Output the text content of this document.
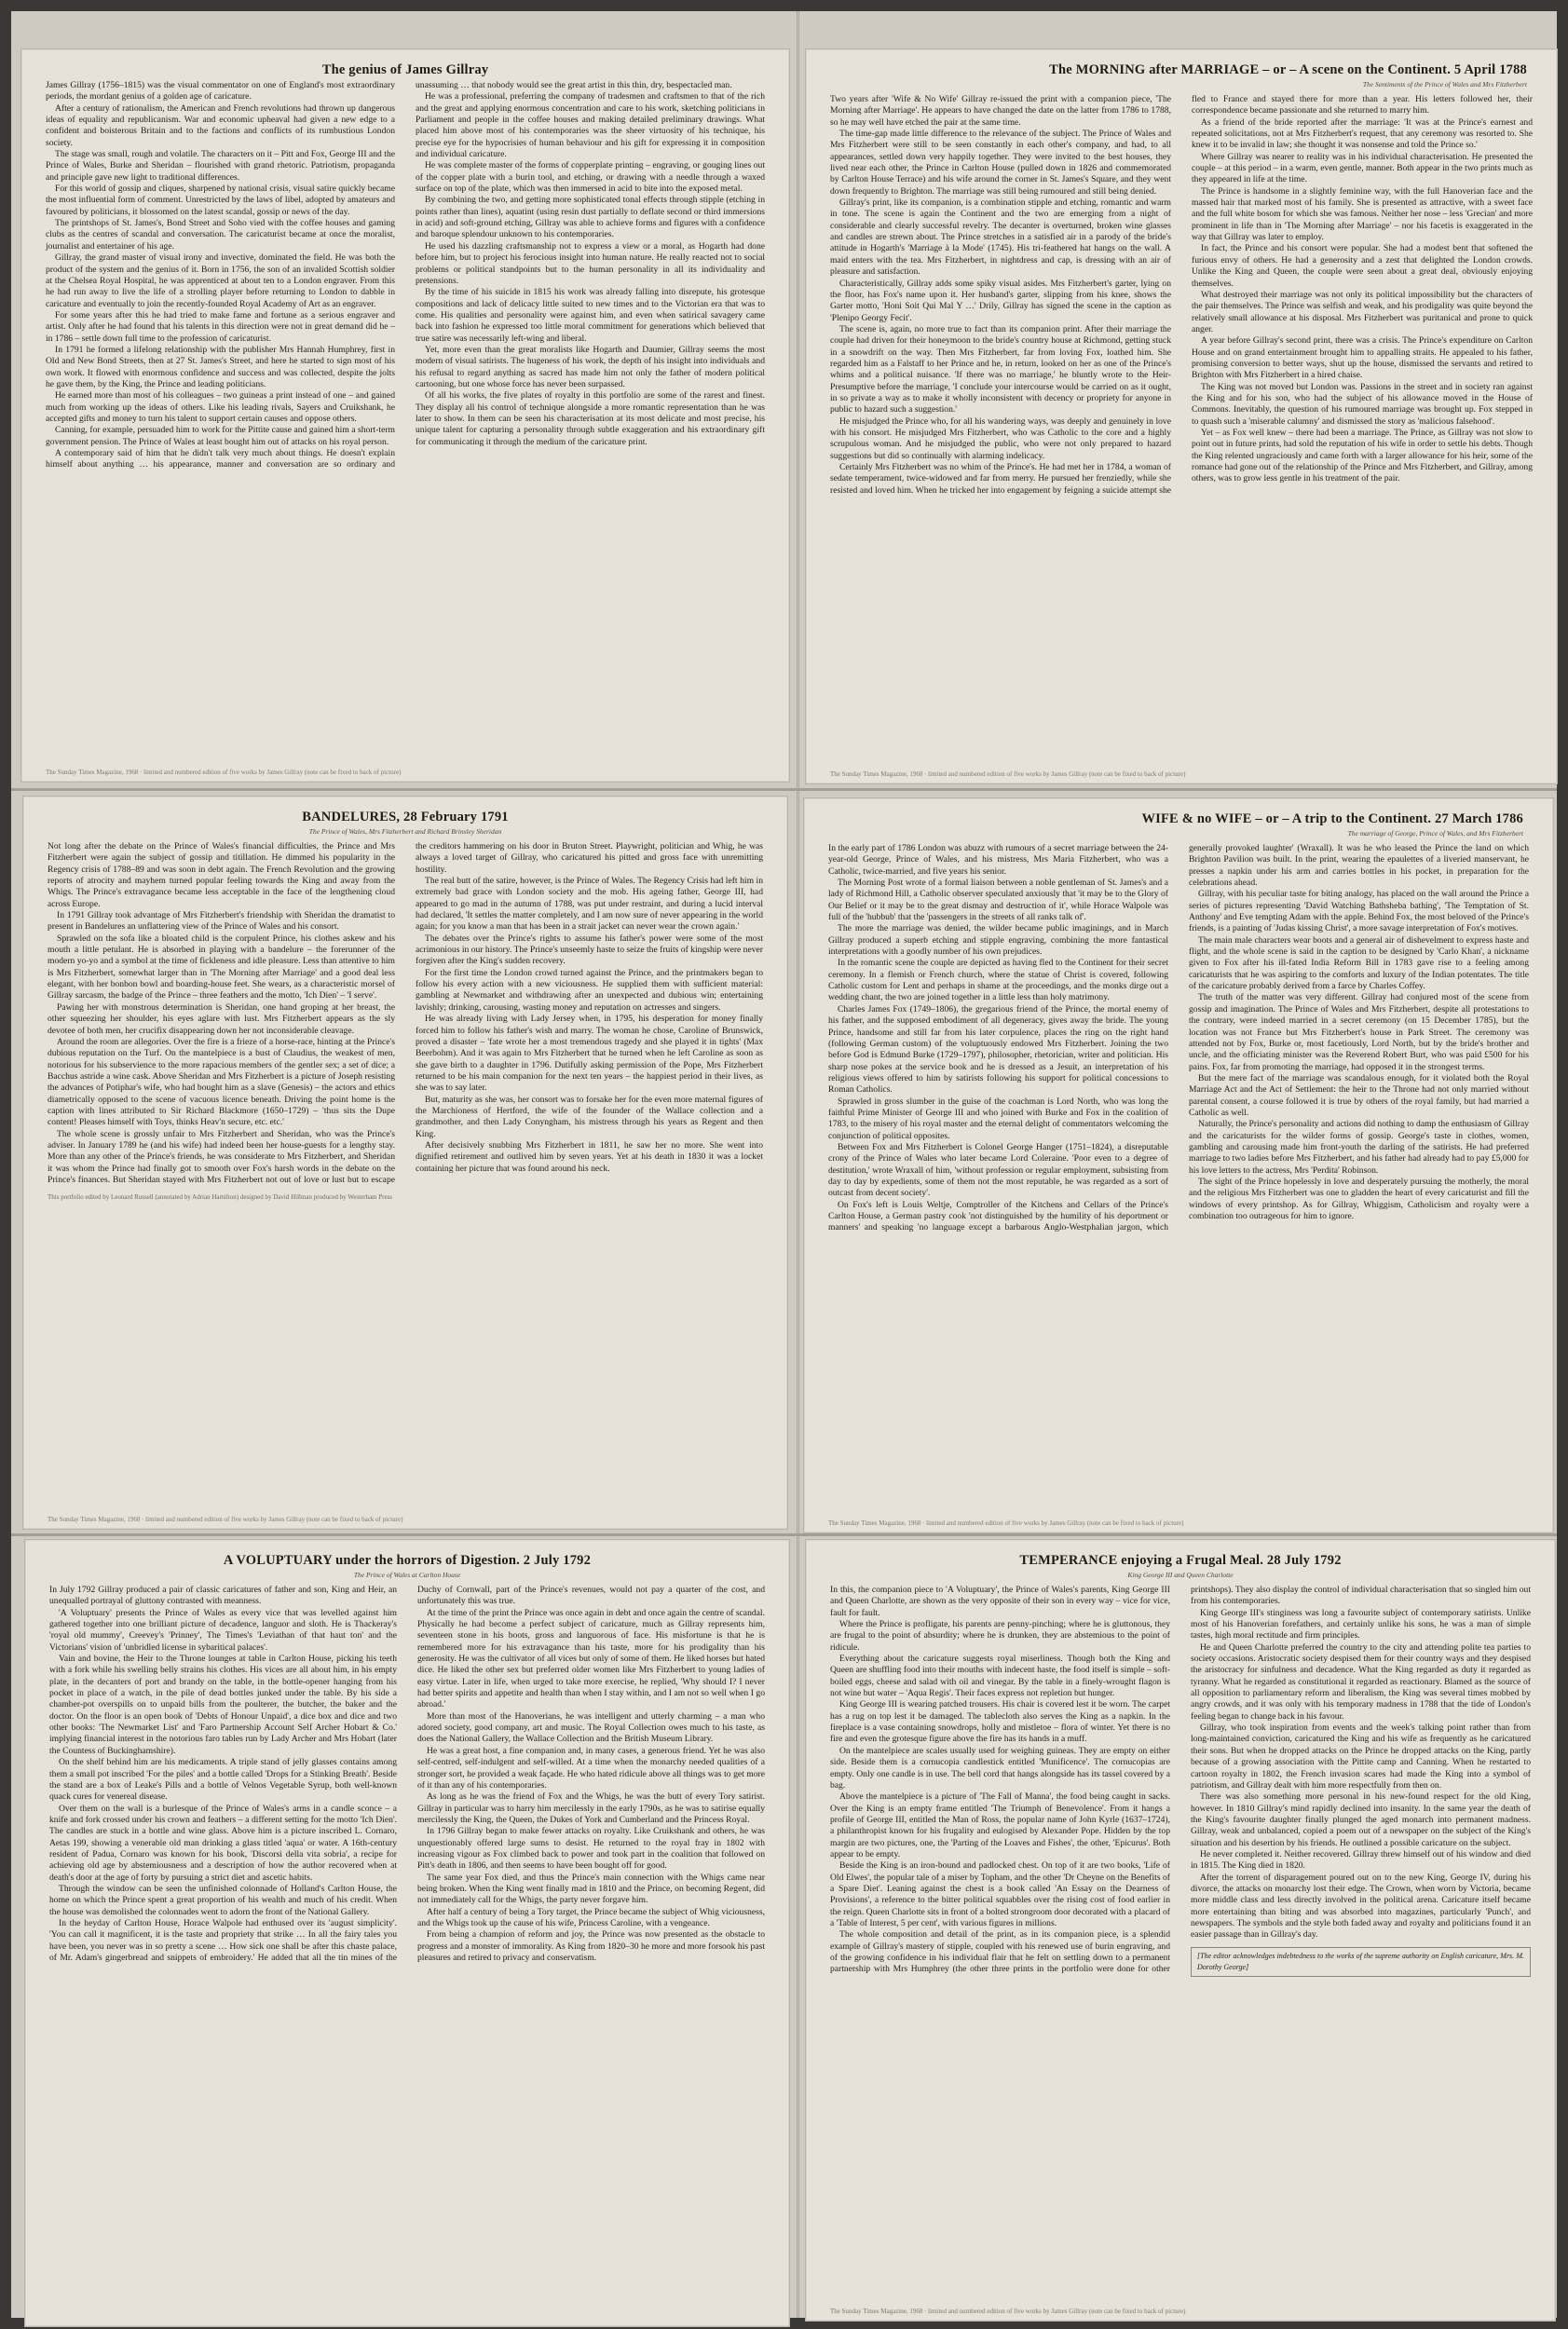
The genius of James Gillray

James Gillray (1756–1815) was the visual commentator on one of England's most extraordinary periods, the mordant genius of a golden age of caricature.

After a century of rationalism, the American and French revolutions had thrown up dangerous ideas of equality and republicanism. War and economic upheaval had given a new edge to a confident and boisterous Britain and to the factions and conflicts of its rumbustious London society.

The stage was small, rough and volatile. The characters on it – Pitt and Fox, George III and the Prince of Wales, Burke and Sheridan – flourished with grand rhetoric. Patriotism, propaganda and principle gave new light to traditional differences.

For this world of gossip and cliques, sharpened by national crisis, visual satire quickly became the most influential form of comment. Unrestricted by the laws of libel, adopted by amateurs and favoured by politicians, it blossomed on the latest scandal, gossip or news of the day.

The printshops of St. James's, Bond Street and Soho vied with the coffee houses and gaming clubs as the centres of scandal and conversation. The caricaturist became at once the moralist, journalist and entertainer of his age.

Gillray, the grand master of visual irony and invective, dominated the field. He was both the product of the system and the genius of it. Born in 1756, the son of an invalided Scottish soldier at the Chelsea Royal Hospital, he was apprenticed at about ten to a London engraver. From this he had run away to live the life of a strolling player before returning to London to dabble in caricature and eventually to join the recently-founded Royal Academy of Art as an engraver.

For some years after this he had tried to make fame and fortune as a serious engraver and artist. Only after he had found that his talents in this direction were not in great demand did he – in 1786 – settle down full time to the profession of caricaturist.

In 1791 he formed a lifelong relationship with the publisher Mrs Hannah Humphrey, first in Old and New Bond Streets, then at 27 St. James's Street, and here he started to sign most of his own work. It flowed with enormous confidence and success and was collected, despite the jolts he gave them, by the King, the Prince and leading politicians.

He earned more than most of his colleagues – two guineas a print instead of one – and gained much from working up the ideas of others. Like his leading rivals, Sayers and Cruikshank, he accepted gifts and money to turn his talent to support certain causes and oppose others.

Canning, for example, persuaded him to work for the Pittite cause and gained him a short-term government pension. The Prince of Wales at least bought him out of attacks on his royal person.

A contemporary said of him that he didn't talk very much about things. He doesn't explain himself about anything … his appearance, manner and conversation are so ordinary and unassuming … that nobody would see the great artist in this thin, dry, bespectacled man.

He was a professional, preferring the company of tradesmen and craftsmen to that of the rich and the great and applying enormous concentration and care to his work, sketching politicians in Parliament and people in the coffee houses and making detailed preliminary drawings. What placed him above most of his contemporaries was the sheer virtuosity of his technique, his precise eye for the hypocrisies of human behaviour and his gift for expressing it in composition and individual caricature.

He was complete master of the forms of copperplate printing – engraving, or gouging lines out of the copper plate with a burin tool, and etching, or drawing with a needle through a waxed surface on top of the plate, which was then immersed in acid to bite into the exposed metal.

By combining the two, and getting more sophisticated tonal effects through stipple (etching in points rather than lines), aquatint (using resin dust partially to deflate second or third immersions in acid) and soft-ground etching, Gillray was able to achieve forms and figures with a confidence and baroque splendour unknown to his contemporaries.

He used his dazzling craftsmanship not to express a view or a moral, as Hogarth had done before him, but to project his ferocious insight into human nature. He really reacted not to social problems or political standpoints but to the human personality in all its individuality and pretensions.

By the time of his suicide in 1815 his work was already falling into disrepute, his grotesque compositions and lack of delicacy little suited to new times and to the Victorian era that was to come. His qualities and personality were against him, and even when satirical savagery came back into fashion he expressed too little moral commitment for generations which believed that true satire was necessarily left-wing and liberal.

Yet, more even than the great moralists like Hogarth and Daumier, Gillray seems the most modern of visual satirists. The hugeness of his work, the depth of his insight into individuals and his refusal to regard anything as sacred has made him not only the father of modern political cartooning, but one whose force has never been surpassed.

Of all his works, the five plates of royalty in this portfolio are some of the rarest and finest. They display all his control of technique alongside a more romantic representation than he was later to show. In them can be seen his characterisation at its most delicate and most precise, his unique talent for capturing a personality through subtle exaggeration and his extraordinary gift for communicating it through the medium of the caricature print.

The Sunday Times Magazine, 1968 · limited and numbered edition of five works by James Gillray (note can be fixed to back of picture)
The MORNING after MARRIAGE – or – A scene on the Continent. 5 April 1788
The Sentiments of the Prince of Wales and Mrs Fitzherbert

Two years after 'Wife & No Wife' Gillray re-issued the print with a companion piece, 'The Morning after Marriage'. He appears to have changed the date on the latter from 1786 to 1788, so he may well have etched the pair at the same time.

The time-gap made little difference to the relevance of the subject. The Prince of Wales and Mrs Fitzherbert were still to be seen constantly in each other's company, and had, to all appearances, settled down very happily together. They were invited to the best houses, they lived near each other, the Prince in Carlton House (pulled down in 1826 and commemorated by Carlton House Terrace) and his wife around the corner in St. James's Square, and they went down frequently to Brighton. The marriage was still being rumoured and still being denied.

Gillray's print, like its companion, is a combination stipple and etching, romantic and warm in tone. The scene is again the Continent and the two are emerging from a night of considerable and clearly successful revelry. The decanter is overturned, broken wine glasses and candles are strewn about. The Prince stretches in a satisfied air in a parody of the bride's attitude in Hogarth's 'Marriage à la Mode' (1745). His tri-feathered hat hangs on the wall. A maid enters with the tea. Mrs Fitzherbert, in nightdress and cap, is dressing with an air of pleasure and satisfaction.

Characteristically, Gillray adds some spiky visual asides. Mrs Fitzherbert's garter, lying on the floor, has Fox's name upon it. Her husband's garter, slipping from his knee, shows the Garter motto, 'Honi Soit Qui Mal Y …' Drily, Gillray has signed the scene in the caption as 'Plenipo Georgy Fecit'.

The scene is, again, no more true to fact than its companion print. After their marriage the couple had driven for their honeymoon to the bride's country house at Richmond, getting stuck in a snowdrift on the way. Then Mrs Fitzherbert, far from loving Fox, loathed him. She regarded him as a Falstaff to her Prince and he, in return, looked on her as one of the Prince's whims and a political nuisance. 'If there was no marriage,' he bluntly wrote to the Heir-Presumptive before the marriage, 'I conclude your intercourse would be carried on as it ought, in so private a way as to make it wholly inconsistent with decency or propriety for anyone in public to hazard such a suggestion.'

He misjudged the Prince who, for all his wandering ways, was deeply and genuinely in love with his consort. He misjudged Mrs Fitzherbert, who was Catholic to the core and a highly scrupulous woman. And he misjudged the public, who were not only prepared to hazard suggestions but did so continually with alarming indelicacy.

Certainly Mrs Fitzherbert was no whim of the Prince's. He had met her in 1784, a woman of sedate temperament, twice-widowed and far from merry. He pursued her frenziedly, while she resisted and loved him. When he tricked her into engagement by feigning a suicide attempt she fled to France and stayed there for more than a year. His letters followed her, their correspondence became passionate and she returned to marry him.

As a friend of the bride reported after the marriage: 'It was at the Prince's earnest and repeated solicitations, not at Mrs Fitzherbert's request, that any ceremony was resorted to. She knew it to be invalid in law; she thought it was nonsense and told the Prince so.'

Where Gillray was nearer to reality was in his individual characterisation. He presented the couple – at this period – in a warm, even gentle, manner. Both appear in the two prints much as they appeared in life at the time.

The Prince is handsome in a slightly feminine way, with the full Hanoverian face and the massed hair that marked most of his family. She is presented as attractive, with a sweet face and the full white bosom for which she was famous. Neither her nose – less 'Grecian' and more prominent in life than in 'The Morning after Marriage' – nor his facetis is exaggerated in the way that Gillray was later to employ.

In fact, the Prince and his consort were popular. She had a modest bent that softened the furious envy of others. He had a generosity and a zest that delighted the London crowds. Unlike the King and Queen, the couple were seen about a great deal, obviously enjoying themselves.

What destroyed their marriage was not only its political impossibility but the characters of the pair themselves. The Prince was selfish and weak, and his prodigality was quite beyond the relatively small allowance at his disposal. Mrs Fitzherbert was puritanical and prone to quick anger.

A year before Gillray's second print, there was a crisis. The Prince's expenditure on Carlton House and on grand entertainment brought him to appalling straits. He appealed to his father, promising conversion to better ways, shut up the house, dismissed the servants and retired to Brighton with Mrs Fitzherbert in a hired chaise.

The King was not moved but London was. Passions in the street and in society ran against the King and for his son, who had the subject of his allowance moved in the House of Commons. Inevitably, the question of his rumoured marriage was brought up. Fox stepped in to quash such a 'miserable calumny' and dismissed the story as 'malicious falsehood'.

Yet – as Fox well knew – there had been a marriage. The Prince, as Gillray was not slow to point out in future prints, had sold the reputation of his wife in order to settle his debts. Though the King relented ungraciously and came forth with a larger allowance for his heir, some of the romance had gone out of the relationship of the Prince and Mrs Fitzherbert, and Gillray, among others, was to grow less gentle in his treatment of the pair.

The Sunday Times Magazine, 1968 · limited and numbered edition of five works by James Gillray (note can be fixed to back of picture)
BANDELURES, 28 February 1791
The Prince of Wales, Mrs Fitzherbert and Richard Brinsley Sheridan

Not long after the debate on the Prince of Wales's financial difficulties, the Prince and Mrs Fitzherbert were again the subject of gossip and titillation. He dimmed his popularity in the Regency crisis of 1788–89 and was soon in debt again. The French Revolution and the growing reports of atrocity and mayhem turned popular feeling towards the King and away from the Whigs. The Prince's extravagance became less acceptable in the face of the lengthening cloud across Europe.

In 1791 Gillray took advantage of Mrs Fitzherbert's friendship with Sheridan the dramatist to present in Bandelures an unflattering view of the Prince of Wales and his consort.

Sprawled on the sofa like a bloated child is the corpulent Prince, his clothes askew and his mouth a little petulant. He is absorbed in playing with a bandelure – the forerunner of the modern yo-yo and a symbol at the time of fickleness and idle pleasure. Less than attentive to him is Mrs Fitzherbert, somewhat larger than in 'The Morning after Marriage' and a good deal less elegant, with her bonbon bowl and boarding-house feet. She wears, as a characteristic morsel of Gillray sarcasm, the badge of the Prince – three feathers and the motto, 'Ich Dien' – 'I serve'.

Pawing her with monstrous determination is Sheridan, one hand groping at her breast, the other squeezing her shoulder, his eyes aglare with lust. Mrs Fitzherbert appears as the sly devotee of both men, her crucifix disappearing down her not inconsiderable cleavage.

Around the room are allegories. Over the fire is a frieze of a horse-race, hinting at the Prince's dubious reputation on the Turf. On the mantelpiece is a bust of Claudius, the weakest of men, notorious for his subservience to the more rapacious members of the gentler sex; a set of dice; a Bacchus astride a wine cask. Above Sheridan and Mrs Fitzherbert is a picture of Joseph resisting the advances of Potiphar's wife, who had bought him as a slave (Genesis) – the actors and ethics diametrically opposed to the scene of vacuous licence beneath. Driving the point home is the caption with lines attributed to Sir Richard Blackmore (1650–1729) – 'thus sits the Dupe content! Pleases himself with Toys, thinks Heav'n secure, etc. etc.'

The whole scene is grossly unfair to Mrs Fitzherbert and Sheridan, who was the Prince's adviser. In January 1789 he (and his wife) had indeed been her house-guests for a lengthy stay. More than any other of the Prince's friends, he was considerate to Mrs Fitzherbert, and Sheridan it was whom the Prince had finally got to smooth over Fox's harsh words in the debate on the Prince's finances. But Sheridan stayed with Mrs Fitzherbert not out of love or lust but to escape the creditors hammering on his door in Bruton Street. Playwright, politician and Whig, he was always a loved target of Gillray, who caricatured his pitted and gross face with unremitting hostility.

The real butt of the satire, however, is the Prince of Wales. The Regency Crisis had left him in extremely bad grace with London society and the mob. His ageing father, George III, had appeared to go mad in the autumn of 1788, was put under restraint, and during a lucid interval had declared, 'It settles the matter completely, and I am now sure of never appearing in the world again; for you know a man that has been in a strait jacket can never wear the crown again.'

The debates over the Prince's rights to assume his father's power were some of the most acrimonious in our history. The Prince's unseemly haste to seize the fruits of kingship were never forgiven after the King's sudden recovery.

For the first time the London crowd turned against the Prince, and the printmakers began to follow his every action with a new viciousness. He supplied them with sufficient material: gambling at Newmarket and withdrawing after an unexpected and dubious win; entertaining lavishly; drinking, carousing, wasting money and reputation on actresses and singers.

He was already living with Lady Jersey when, in 1795, his desperation for money finally forced him to follow his father's wish and marry. The woman he chose, Caroline of Brunswick, proved a disaster – 'fate wrote her a most tremendous tragedy and she played it in tights' (Max Beerbohm). And it was again to Mrs Fitzherbert that he turned when he left Caroline as soon as she gave birth to a daughter in 1796. Dutifully asking permission of the Pope, Mrs Fitzherbert returned to be his main companion for the next ten years – the happiest period in their lives, as she was to say later.

But, maturity as she was, her consort was to forsake her for the even more maternal figures of the Marchioness of Hertford, the wife of the founder of the Wallace collection and a grandmother, and then Lady Conyngham, his mistress through his years as Regent and then King.

After decisively snubbing Mrs Fitzherbert in 1811, he saw her no more. She went into dignified retirement and outlived him by seven years. Yet at his death in 1830 it was a locket containing her picture that was found around his neck.

This portfolio edited by Leonard Russell (annotated by Adrian Hamilton) designed by David Hillman produced by Westerham Press
The Sunday Times Magazine, 1968 · limited and numbered edition of five works by James Gillray (note can be fixed to back of picture)
WIFE & no WIFE – or – A trip to the Continent. 27 March 1786
The marriage of George, Prince of Wales, and Mrs Fitzherbert

In the early part of 1786 London was abuzz with rumours of a secret marriage between the 24-year-old George, Prince of Wales, and his mistress, Mrs Maria Fitzherbert, who was a Catholic, twice-married, and five years his senior.

The Morning Post wrote of a formal liaison between a noble gentleman of St. James's and a lady of Richmond Hill, a Catholic observer speculated anxiously that 'it may be to the Glory of Our Belief or it may be to the great dismay and destruction of it', while Horace Walpole was full of the 'hubbub' that the 'passengers in the streets of all ranks talk of'.

The more the marriage was denied, the wilder became public imaginings, and in March Gillray produced a superb etching and stipple engraving, combining the more fantastical interpretations with a goodly number of his own prejudices.

In the romantic scene the couple are depicted as having fled to the Continent for their secret ceremony. In a flemish or French church, where the statue of Christ is covered, following Catholic custom for Lent and perhaps in shame at the proceedings, and the monks dirge out a wedding chant, the two are joined together in a little less than holy matrimony.

Charles James Fox (1749–1806), the gregarious friend of the Prince, the mortal enemy of his father, and the supposed embodiment of all degeneracy, gives away the bride. The young Prince, handsome and still far from his later corpulence, places the ring on the right hand (following German custom) of the voluptuously endowed Mrs Fitzherbert. Joining the two before God is Edmund Burke (1729–1797), philosopher, rhetorician, writer and politician. His sharp nose pokes at the service book and he is dressed as a Jesuit, an interpretation of his religious views offered to him by satirists following his support for political concessions to Roman Catholics.

Sprawled in gross slumber in the guise of the coachman is Lord North, who was long the faithful Prime Minister of George III and who joined with Burke and Fox in the coalition of 1783, to the misery of his royal master and the eternal delight of commentators welcoming the conjunction of political opposites.

Between Fox and Mrs Fitzherbert is Colonel George Hanger (1751–1824), a disreputable crony of the Prince of Wales who later became Lord Coleraine. 'Poor even to a degree of destitution,' wrote Wraxall of him, 'without profession or regular employment, subsisting from day to day by expedients, some of them not the most reputable, he was regarded as a sort of outcast from decent society'.

On Fox's left is Louis Weltje, Comptroller of the Kitchens and Cellars of the Prince's Carlton House, a German pastry cook 'not distinguished by the humility of his deportment or manners' and speaking 'no language except a barbarous Anglo-Westphalian jargon, which generally provoked laughter' (Wraxall). It was he who leased the Prince the land on which Brighton Pavilion was built. In the print, wearing the epaulettes of a liveried manservant, he presses a napkin under his arm and carries bottles in his pocket, in preparation for the celebrations ahead.

Gillray, with his peculiar taste for biting analogy, has placed on the wall around the Prince a series of pictures representing 'David Watching Bathsheba bathing', 'The Temptation of St. Anthony' and Eve tempting Adam with the apple. Behind Fox, the most beloved of the Prince's friends, is a painting of 'Judas kissing Christ', a more savage interpretation of Fox's motives.

The main male characters wear boots and a general air of dishevelment to express haste and flight, and the whole scene is said in the caption to be designed by 'Carlo Khan', a nickname given to Fox after his ill-fated India Reform Bill in 1783 gave rise to a feeling among caricaturists that he was aspiring to the comforts and luxury of the Indian potentates. The title of the caricature probably derived from a farce by Charles Coffey.

The truth of the matter was very different. Gillray had conjured most of the scene from gossip and imagination. The Prince of Wales and Mrs Fitzherbert, despite all protestations to the contrary, were indeed married in a secret ceremony (on 15 December 1785), but the location was not France but Mrs Fitzherbert's house in Park Street. The ceremony was attended not by Fox, Burke or, most facetiously, Lord North, but by the bride's brother and uncle, and the officiating minister was the Reverend Robert Burt, who was paid £500 for his pains. Fox, far from promoting the marriage, had opposed it in the strongest terms.

But the mere fact of the marriage was scandalous enough, for it violated both the Royal Marriage Act and the Act of Settlement: the heir to the Throne had not only married without parental consent, a course followed it is true by others of the royal family, but had married a Catholic as well.

Naturally, the Prince's personality and actions did nothing to damp the enthusiasm of Gillray and the caricaturists for the wilder forms of gossip. George's taste in clothes, women, gambling and carousing made him front-youth the darling of the satirists. He had preferred marriage to two ladies before Mrs Fitzherbert, and his father had already had to pay £5,000 for his love letters to the actress, Mrs 'Perdita' Robinson.

The sight of the Prince hopelessly in love and desperately pursuing the motherly, the moral and the religious Mrs Fitzherbert was one to gladden the heart of every caricaturist and fill the windows of every printshop. As for Gillray, Whiggism, Catholicism and royalty were a combination too outrageous for him to ignore.

The Sunday Times Magazine, 1968 · limited and numbered edition of five works by James Gillray (note can be fixed to back of picture)
A VOLUPTUARY under the horrors of Digestion. 2 July 1792
The Prince of Wales at Carlton House

In July 1792 Gillray produced a pair of classic caricatures of father and son, King and Heir, an unequalled portrayal of gluttony contrasted with meanness.

'A Voluptuary' presents the Prince of Wales as every vice that was levelled against him gathered together into one brilliant picture of decadence, languor and sloth. He is Thackeray's 'royal old mummy', Creevey's 'Prinney', The Times's 'Leviathan of that haut ton' and the Victorians' vision of 'unbridled license in sybaritical palaces'.

Vain and bovine, the Heir to the Throne lounges at table in Carlton House, picking his teeth with a fork while his swelling belly strains his clothes. His vices are all about him, in his empty plate, in the decanters of port and brandy on the table, in the bottle-opener hanging from his pocket in place of a watch, in the pile of dead bottles junked under the table. By his side a chamber-pot overspills on to unpaid bills from the poulterer, the butcher, the baker and the doctor. On the floor is an open book of 'Debts of Honour Unpaid', a dice box and dice and two other books: 'The Newmarket List' and 'Faro Partnership Account Self Archer Hobart & Co.' implying financial interest in the notorious faro tables run by Lady Archer and Mrs Hobart (later the Countess of Buckinghamshire).

On the shelf behind him are his medicaments. A triple stand of jelly glasses contains among them a small pot inscribed 'For the piles' and a bottle called 'Drops for a Stinking Breath'. Beside the stand are a box of Leake's Pills and a bottle of Velnos Vegetable Syrup, both well-known quack cures for venereal disease.

Over them on the wall is a burlesque of the Prince of Wales's arms in a candle sconce – a knife and fork crossed under his crown and feathers – a different setting for the motto 'Ich Dien'. The candles are stuck in a bottle and wine glass. Above him is a picture inscribed L. Cornaro, Aetas 199, showing a venerable old man drinking a glass titled 'aqua' or water. A 16th-century resident of Padua, Cornaro was known for his book, 'Discorsi della vita sobria', a recipe for achieving old age by abstemiousness and a description of how the author recovered when at death's door at the age of forty by pursuing a strict diet and ascetic habits.

Through the window can be seen the unfinished colonnade of Holland's Carlton House, the home on which the Prince spent a great proportion of his wealth and much of his credit. When the house was demolished the colonnades went to adorn the front of the National Gallery.

In the heyday of Carlton House, Horace Walpole had enthused over its 'august simplicity'. 'You can call it magnificent, it is the taste and propriety that strike … In all the fairy tales you have been, you never was in so pretty a scene … How sick one shall be after this chaste palace, of Mr. Adam's gingerbread and snippets of embroidery.' He added that all the tin mines of the Duchy of Cornwall, part of the Prince's revenues, would not pay a quarter of the cost, and unfortunately this was true.

At the time of the print the Prince was once again in debt and once again the centre of scandal. Physically he had become a perfect subject of caricature, much as Gillray represents him, seventeen stone in his boots, gross and languorous of face. His misfortune is that he is remembered more for his extravagance than his taste, more for his prodigality than his generosity. He was the cultivator of all vices but only of some of them. He liked horses but hated dice. He liked the other sex but preferred older women like Mrs Fitzherbert to young ladies of easy virtue. Later in life, when urged to take more exercise, he replied, 'Why should I? I never had better spirits and appetite and health than when I stay within, and I am not so well when I go abroad.'

More than most of the Hanoverians, he was intelligent and utterly charming – a man who adored society, good company, art and music. The Royal Collection owes much to his taste, as does the National Gallery, the Wallace Collection and the British Museum Library.

He was a great host, a fine companion and, in many cases, a generous friend. Yet he was also self-centred, self-indulgent and self-willed. At a time when the monarchy needed qualities of a stronger sort, he provided a weak façade. He who hated ridicule above all things was to get more of it than any of his contemporaries.

As long as he was the friend of Fox and the Whigs, he was the butt of every Tory satirist. Gillray in particular was to harry him mercilessly in the early 1790s, as he was to satirise equally mercilessly the King, the Queen, the Dukes of York and Cumberland and the Princess Royal.

In 1796 Gillray began to make fewer attacks on royalty. Like Cruikshank and others, he was unquestionably offered large sums to desist. He returned to the royal fray in 1802 with increasing vigour as Fox climbed back to power and took part in the coalition that followed on Pitt's death in 1806, and then seems to have been bought off for good.

The same year Fox died, and thus the Prince's main connection with the Whigs came near being broken. When the King went finally mad in 1810 and the Prince, on becoming Regent, did not immediately call for the Whigs, the party never forgave him.

After half a century of being a Tory target, the Prince became the subject of Whig viciousness, and the Whigs took up the cause of his wife, Princess Caroline, with a vengeance.

From being a champion of reform and joy, the Prince was now presented as the obstacle to progress and a monster of immorality. As King from 1820–30 he more and more forsook his past pleasures and retired to privacy and conservatism.

TEMPERANCE enjoying a Frugal Meal. 28 July 1792
King George III and Queen Charlotte

In this, the companion piece to 'A Voluptuary', the Prince of Wales's parents, King George III and Queen Charlotte, are shown as the very opposite of their son in every way – vice for vice, fault for fault.

Where the Prince is profligate, his parents are penny-pinching; where he is gluttonous, they are frugal to the point of absurdity; where he is drunken, they are abstemious to the point of ridicule.

Everything about the caricature suggests royal miserliness. Though both the King and Queen are shuffling food into their mouths with indecent haste, the food itself is simple – soft-boiled eggs, cheese and salad with oil and vinegar. By the table in a finely-wrought flagon is not wine but water – 'Aqua Regis'. Their faces express not repletion but hunger.

King George III is wearing patched trousers. His chair is covered lest it be worn. The carpet has a rug on top lest it be damaged. The tablecloth also serves the King as a napkin. In the fireplace is a vase containing snowdrops, holly and mistletoe – flora of winter. Yet there is no fire and even the grotesque figure above the fire has its hands in a muff.

On the mantelpiece are scales usually used for weighing guineas. They are empty on either side. Beside them is a cornucopia candlestick entitled 'Munificence'. The cornucopias are empty. Only one candle is in use. The bell cord that hangs alongside has its tassel covered by a bag.

Above the mantelpiece is a picture of 'The Fall of Manna', the food being caught in sacks. Over the King is an empty frame entitled 'The Triumph of Benevolence'. From it hangs a profile of George III, entitled the Man of Ross, the popular name of John Kyrle (1637–1724), a philanthropist known for his frugality and eulogised by Alexander Pope. Hidden by the top margin are two pictures, one, the 'Parting of the Loaves and Fishes', the other, 'Epicurus'. Both appear to be empty.

Beside the King is an iron-bound and padlocked chest. On top of it are two books, 'Life of Old Elwes', the popular tale of a miser by Topham, and the other 'Dr Cheyne on the Benefits of a Spare Diet'. Leaning against the chest is a book called 'An Essay on the Dearness of Provisions', a reference to the bitter political squabbles over the rising cost of food earlier in the reign. Queen Charlotte sits in front of a bolted strongroom door decorated with a placard of a 'Table of Interest, 5 per cent', with various figures in millions.

The whole composition and detail of the print, as in its companion piece, is a splendid example of Gillray's mastery of stipple, coupled with his renewed use of burin engraving, and of the growing confidence in his individual flair that he felt on settling down to a permanent partnership with Mrs Humphrey (the other three prints in the portfolio were done for other printshops). They also display the control of individual characterisation that so singled him out from his contemporaries.

King George III's stinginess was long a favourite subject of contemporary satirists. Unlike most of his Hanoverian forefathers, and certainly unlike his sons, he was a man of simple tastes, high moral rectitude and firm principles.

He and Queen Charlotte preferred the country to the city and attending polite tea parties to society occasions. Aristocratic society despised them for their country ways and they despised the aristocracy for sinfulness and decadence. What the King regarded as duty it regarded as tyranny. What he regarded as constitutional it regarded as reactionary. Blamed as the source of all opposition to parliamentary reform and liberalism, the King was several times mobbed by angry crowds, and it was only with his temporary madness in 1788 that the tide of London's feeling began to change back in his favour.

Gillray, who took inspiration from events and the week's talking point rather than from long-maintained conviction, caricatured the King and his wife as frequently as he caricatured their sons. But when he dropped attacks on the Prince he dropped attacks on the King, partly because of a growing association with the Pittite camp and Canning. When he restarted to cartoon royalty in 1802, the French invasion scares had made the King into a symbol of patriotism, and Gillray dealt with him more respectfully from then on.

There was also something more personal in his new-found respect for the old King, however. In 1810 Gillray's mind rapidly declined into insanity. In the same year the death of the King's favourite daughter finally plunged the aged monarch into permanent madness. Gillray, weak and unbalanced, copied a poem out of a newspaper on the subject of the King's situation and his desertion by his friends. He outlined a possible caricature on the subject.

He never completed it. Neither recovered. Gillray threw himself out of his window and died in 1815. The King died in 1820.

After the torrent of disparagement poured out on to the new King, George IV, during his divorce, the attacks on monarchy lost their edge. The Crown, when worn by Victoria, became more middle class and less directly involved in the political arena. Caricature itself became more entertaining than biting and was absorbed into magazines, particularly 'Punch', and newspapers. The symbols and the style both faded away and royalty and politicians found it an easier passage than in Gillray's day.

[The editor acknowledges indebtedness to the works of the supreme authority on English caricature, Mrs. M. Dorothy George]
The Sunday Times Magazine, 1968 · limited and numbered edition of five works by James Gillray (note can be fixed to back of picture)
